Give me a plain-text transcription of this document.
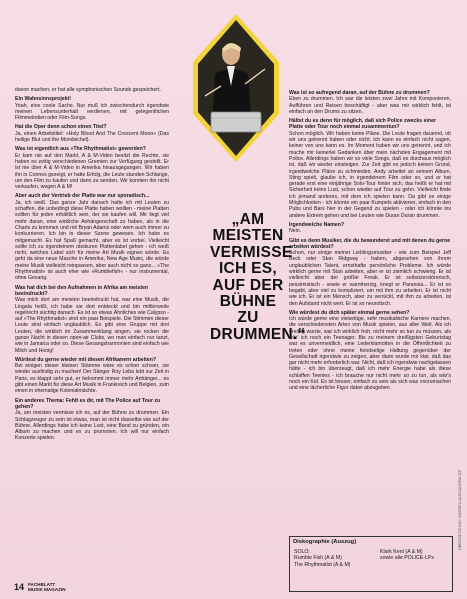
davon machen, er hat alle symphonischen Sounds gespeichert.

Ein Wahnsinnsprojekt!

Yeah, eine coole Sache. Nur muß ich zwischendurch irgendwie meinen Lebensunterhalt verdienen, mit gelegentlichen Filmmelodien oder Film-Songs.

Hat die Oper denn schon einen Titel?

Ja, einen Arbeitstitel: »Holy Blood And The Crescent Moon« (Das heilige Blut und the Mondsichel).

Was ist eigentlich aus »The Rhythmatist« geworden?

Er kam nie auf den Markt, A & M-Video besitzt die Rechte, sie haben es zeitig verschiedenen Gremien zur Verfügung gestellt. Er ist nie über A & M-Video in Amerika hinausgegangen. Wir haben ihn in Connes gezeigt, er hatte Erfolg, die Leute standen Schlange, um den Film zu kaufen und dann zu senden. Wir konnten ihn nicht verkaufen, wegen A & M!

Aber auch der Vertrieb der Platte war nur sporadisch...

Ja, ich weiß. Das ganze Jahr danach hatte ich mit Leuten zu schaffen, die unbedingt diese Platte haben wollten - meine Platten sollten für jeden erhältlich sein, der sie kaufen will. Mir liegt viel mehr daran, eine wirkliche Anhängerschaft zu haben, als in die Charts zu kommen und mit Bryan Adams oder wem auch immer zu konkurrieren. Ich bin in dieser Szene gewesen. Ich habe es mitgemacht. Es hat Spaß gemacht, aber es ist vorbei. Vielleicht sollte ich zu irgendeinem obskuren Plattenlabel gehen - ich weiß nicht, welches Label sich für meine Art Musik eignen würde. Es geht da eine neue Masche in Amerika, New Age Music, die würde meine Musik vielleicht reinpassen, aber auch nicht so ganz... »The Rhythmatist« ist auch eher wie »Rumblefish« - nur instrumental, ohne Gesang.

Was hat dich bei den Aufnahmen in Afrika am meisten beeindruckt?

Was mich dort am meisten beeindruckt hat, war eine Musik, die Lingala heißt, ich habe sie dort entdeckt und bin mittlerweile regelrecht süchtig danach. Es ist so etwas Ähnliches wie Calypso - auf »The Rhythmatist« sind ein paar Beispiele. Die Stimmen dieser Leute sind einfach unglaublich. Es gibt eine Gruppe mit drei Leuten, die wirklich im Zusammenklang singen, sie rocken die ganze Nacht in diesen open-air Clubs, wo man einfach nur tanzt, wie in Jamaica oder so. Diese Gesangsharmonien sind einfach wie Milch und Honig!

Würdest du gerne wieder mit diesen Afrikanern arbeiten?

Bei einigen dieser kleinen Stämme wäre es schier schwer, sie wieder ausfindig zu machen! Der Sänger Roy Leba lebt zur Zeit in Paris, es klappt sehr gut, er bekommt immer mehr Anhänger... es gibt einen Markt für diese Art Musik in Frankreich und Belgien, zum einen in ehemalige Kolonialmächte.

Ein anderes Thema: Fehlt es dir, mit The Police auf Tour zu gehen?

Ja, am meisten vermisse ich es, auf der Bühne zu drummen. Ein Schlagzeuger zu sein ist etwas, man ist nicht dasselbe wie auf der Bühne. Allerdings habe ich keine Lust, eine Band zu gründen, ein Album zu machen und es zu promoten. Ich will nur einfach Konzerte spielen.

„AM MEISTEN VERMISSE ICH ES, AUF DER BÜHNE ZU DRUMMEN.“
Was ist so aufregend daran, auf der Bühne zu drummen?

Eben zu drummen. Ich war die letzten zwei Jahre mit Komponieren, Aufführen und Reisen beschäftigt - aber was mir wirklich fehlt, ist einfach an den Drums zu sitzen.

Hältst du es denn für möglich, daß sich Police zwecks einer Platte oder Tour noch einmal zusammentun?

Schon möglich. Wir haben keine Pläne. Die Leute fragen dauernd, ob wir uns getrennt haben oder nicht. Ich kann es einfach nicht sagen, keiner von uns kann es. Im Moment haben wir uns getrennt, und ich mache mir keinerlei Gedanken über mein nächstes Engagement mit Police. Allerdings haben wir so viele Songs, daß es durchaus möglich ist, daß wir wieder einsteigen. Zur Zeit gibt es jedoch keinen Grund, irgendwelche Pläne zu schmieden. Andy arbeitet an seinem Album, Sting spielt, glaube ich, in irgendeinem Film oder so, und er hat gerade erst eine einjährige Solo-Tour hinter sich, das heißt er hat mit Sicherheit keine Lust, schon wieder auf Tour zu gehn. Vielleicht finde ich jemand anderes, mit dem ich spielen kann. Da gibt es einige Möglichkeiten - ich könnte ein paar Kumpels aktivieren, einfach in den Pubs und Bars hier in der Gegend zu spielen - oder ich könnte ins andere Extrem gehen und bei Leuten wie Duran Duran drummen.

Irgendwelche Namen?

Nein.

Gibt es denn Musiker, die du bewunderst und mit denen du gerne arbeiten würdest?

Schon, nur einige meiner Lieblingsmusiker - wie zum Beispiel Jeff Beck oder Stan Ridgway - haben, abgesehen von ihrem unglaublichen Talent, ernsthafte persönliche Probleme. Ich würde wirklich gerne mit Stan arbeiten, aber er ist ziemlich schwierig. Er ist vielleicht aber der größte Freak. Er ist selbstzerstörerisch, pessimistisch - sowie er warmherzig, kriegt er Paranoia... Er ist so begabt, aber viel zu kompliziert, um mit ihm zu arbeiten. Er ist nicht wie ich. Er ist ein Mensch, aber zu verrückt, mit ihm zu arbeiten, ist den Aufstand nicht wert. Er ist so neurotisch.

Wie würdest du dich später einmal gerne sehen?

Ich würde gerne eine vielseitige, sehr musikalische Karriere machen, die verschiedensten Arten von Musik spielen, aus aller Welt. Als ich dreißig wurde, war ich wirklich froh, nicht mehr so tun zu müssen, als wär' ich noch ein Teenager. Bis zu meinem dreißigsten Geburtstag war es unvermeidlich, eine Lederklamotten in die Öffentlichkeit zu treten oder ohne meine feindselige Haltung gegenüber der Gesellschaft irgendwie zu zeigen, aber dann wurde mir klar, daß das gar nicht mehr erforderlich war. Nicht, daß ich irgendwie nachgelassen hätte - ich bin überzeugt, daß ich mehr Energie habe als diese schlaffen Teenies - ich brauche nur nicht mehr so zu tun, als wär's noch ein Kid. Es ist besser, einfach zu sein als sich was vorzumachen und eine lächerliche Figur dabei abzugeben.

Diskographie (Auszug)
SOLO:
Rumble Fish (A & M)
The Rhythmatist (A & M)
Klark Kent (A & M)
sowie alle POLICE-LPs
14 FACHBLATT
MUSIK MAGAZIN
ÜBERSETZUNG: ANDREA ALEXANDRA ÖZ
